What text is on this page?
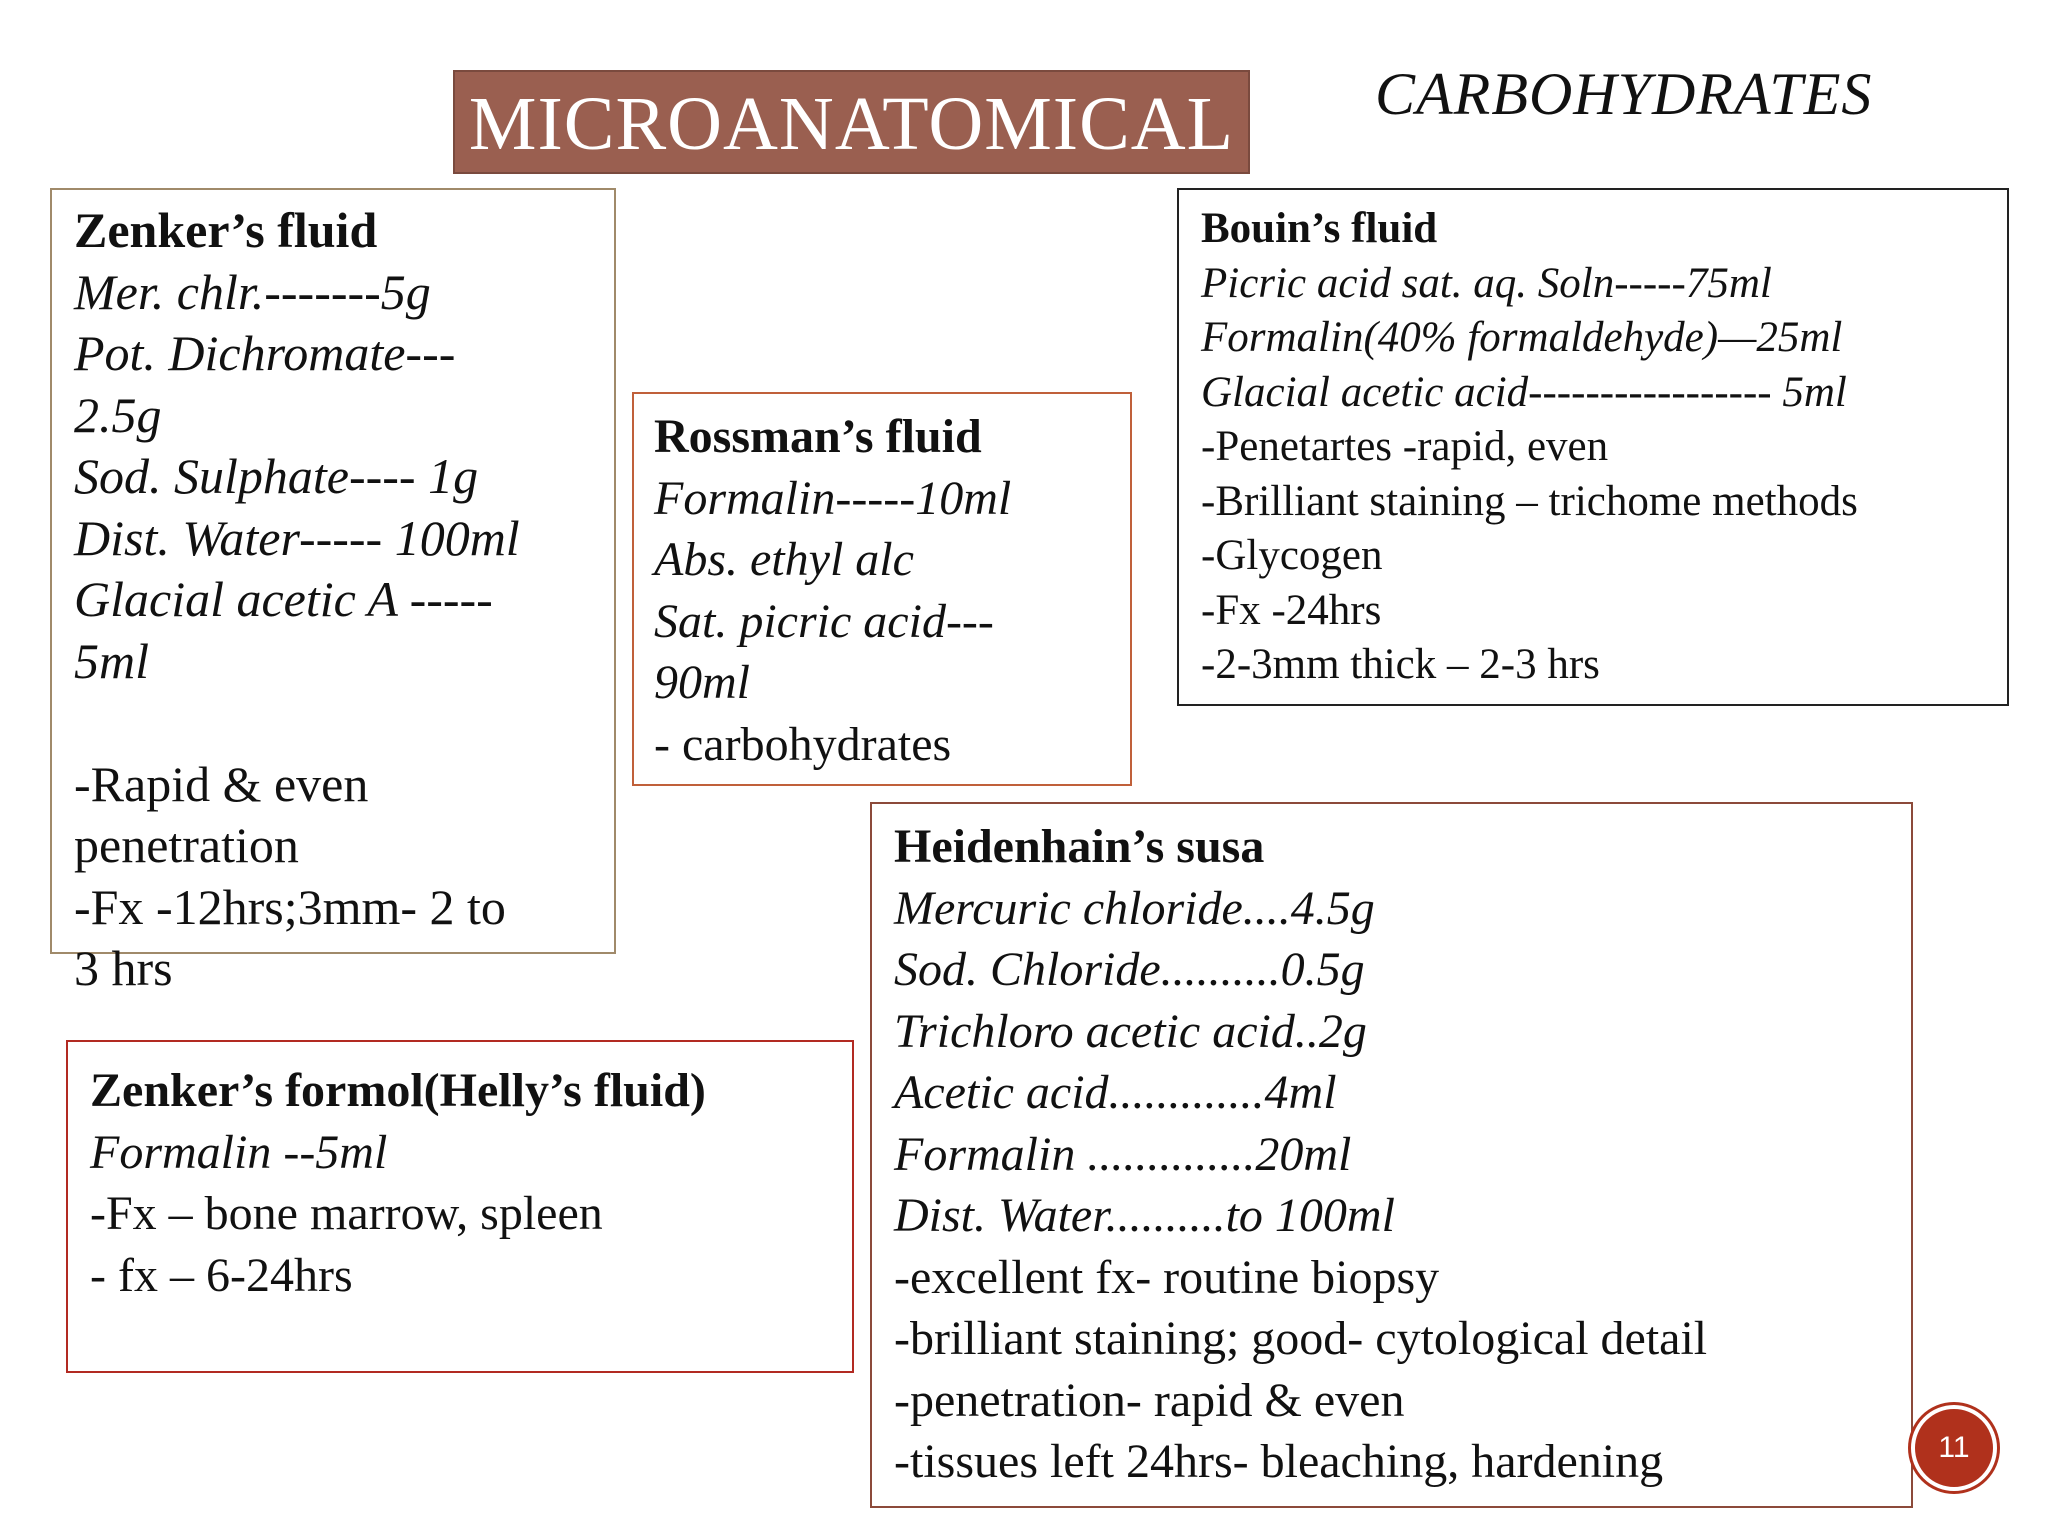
MICROANATOMICAL CARBOHYDRATES
Zenker’s fluid
Mer. chlr.-------5g
Pot. Dichromate---
2.5g
Sod. Sulphate---- 1g
Dist. Water----- 100ml
Glacial acetic A -----
5ml

-Rapid & even
penetration
-Fx -12hrs;3mm- 2 to
3 hrs
Rossman’s fluid
Formalin-----10ml
Abs. ethyl alc
Sat. picric acid---
90ml
- carbohydrates
Bouin’s fluid
Picric acid sat. aq. Soln-----75ml
Formalin(40% formaldehyde)—25ml
Glacial acetic acid----------------- 5ml
-Penetartes -rapid, even
-Brilliant staining – trichome methods
-Glycogen
-Fx -24hrs
-2-3mm thick – 2-3 hrs
Zenker’s formol(Helly’s fluid)
Formalin --5ml
-Fx – bone marrow, spleen
- fx – 6-24hrs
Heidenhain’s susa
Mercuric chloride....4.5g
Sod. Chloride..........0.5g
Trichloro acetic acid..2g
Acetic acid.............4ml
Formalin ..............20ml
Dist. Water..........to 100ml
-excellent fx- routine biopsy
-brilliant staining; good- cytological detail
-penetration- rapid & even
-tissues left 24hrs- bleaching, hardening	11
